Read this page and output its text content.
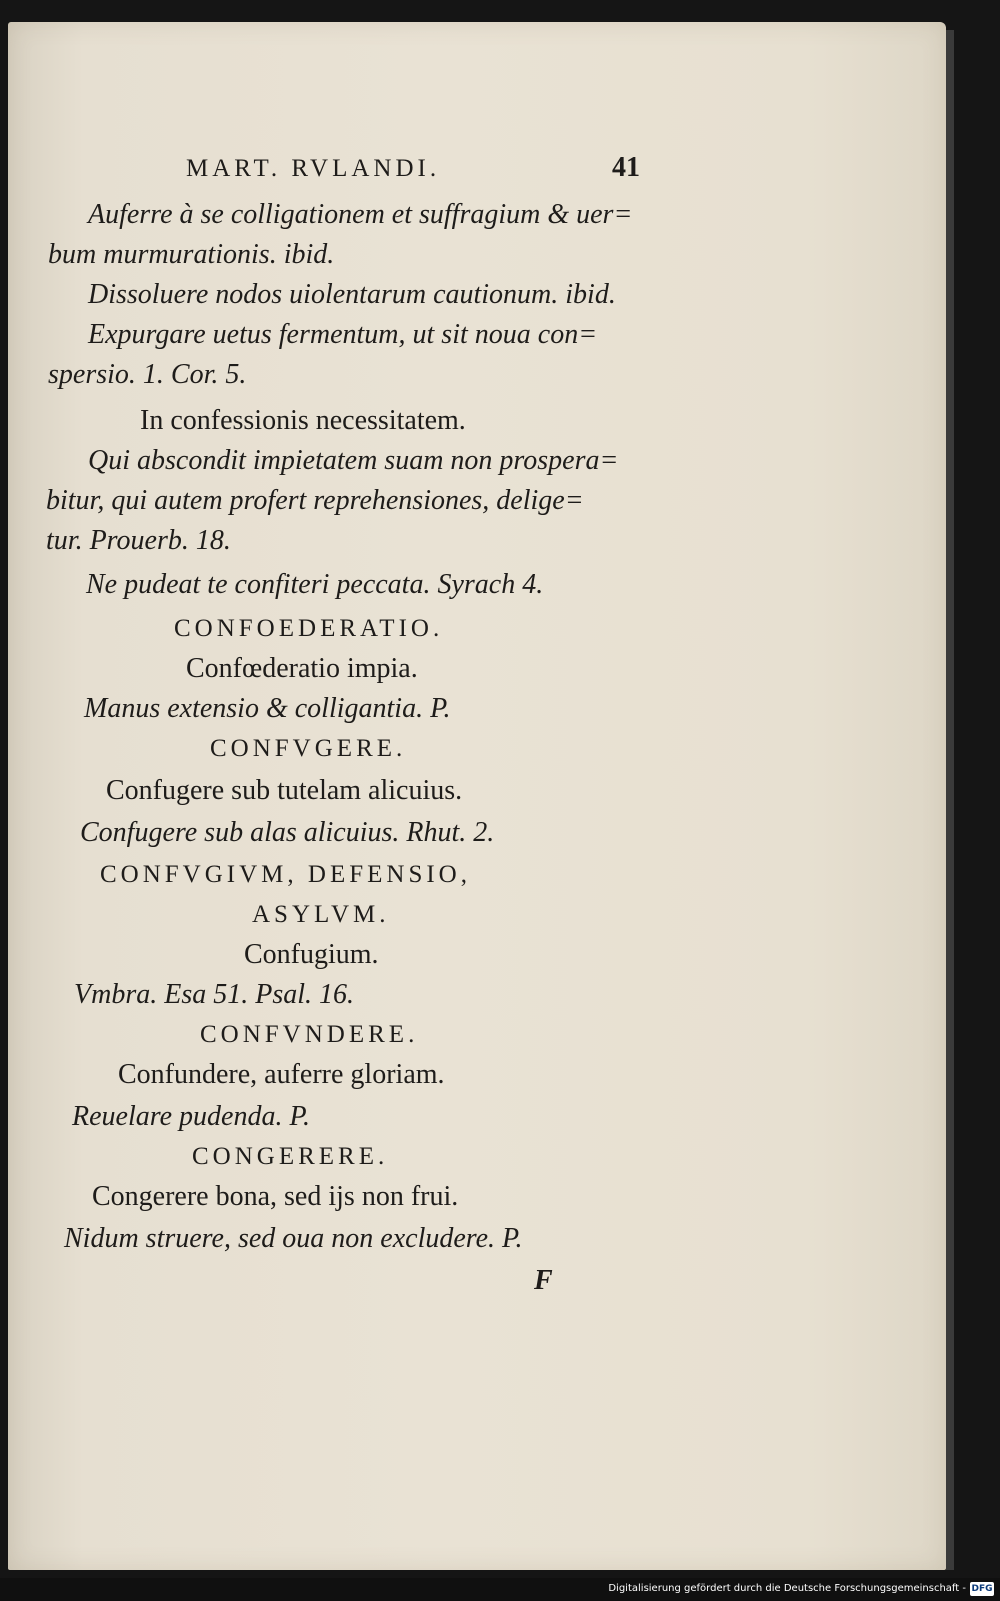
MART. RVLANDI.	41
Auferre à se colligationem et suffragium & uer=
bum murmurationis. ibid.
Dissoluere nodos uiolentarum cautionum. ibid.
Expurgare uetus fermentum, ut sit noua con=
spersio. 1. Cor. 5.
In confessionis necessitatem.
Qui abscondit impietatem suam non prospera=
bitur, qui autem profert reprehensiones, delige=
tur. Prouerb. 18.
Ne pudeat te confiteri peccata. Syrach 4.
CONFOEDERATIO.
Confœderatio impia.
Manus extensio & colligantia. P.
CONFVGERE.
Confugere sub tutelam alicuius.
Confugere sub alas alicuius. Rhut. 2.
CONFVGIVM, DEFENSIO,
ASYLVM.
Confugium.
Vmbra. Esa 51. Psal. 16.
CONFVNDERE.
Confundere, auferre gloriam.
Reuelare pudenda. P.
CONGERERE.
Congerere bona, sed ijs non frui.
Nidum struere, sed oua non excludere. P.
F
Digitalisierung gefördert durch die Deutsche Forschungsgemeinschaft - DFG
